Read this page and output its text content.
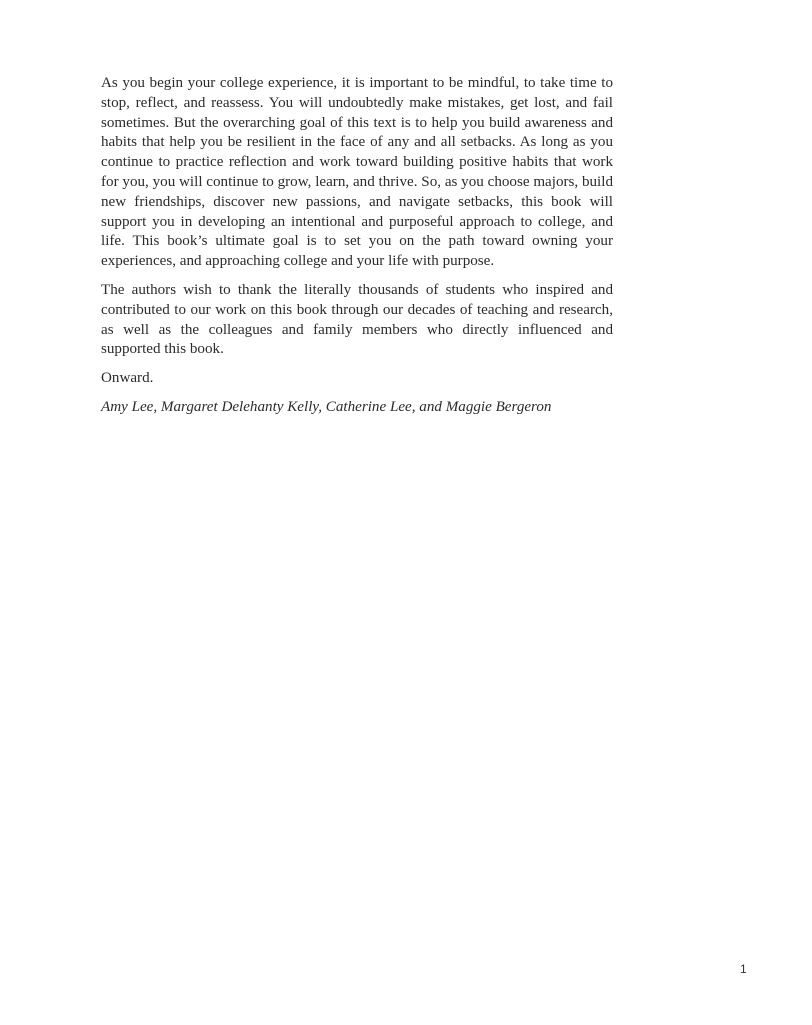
As you begin your college experience, it is important to be mindful, to take time to stop, reflect, and reassess. You will undoubtedly make mistakes, get lost, and fail sometimes. But the overarching goal of this text is to help you build awareness and habits that help you be resilient in the face of any and all setbacks. As long as you continue to practice reflection and work toward building positive habits that work for you, you will continue to grow, learn, and thrive. So, as you choose majors, build new friendships, discover new passions, and navigate setbacks, this book will support you in developing an intentional and purposeful approach to college, and life. This book’s ultimate goal is to set you on the path toward owning your experiences, and approaching college and your life with purpose.

The authors wish to thank the literally thousands of students who inspired and contributed to our work on this book through our decades of teaching and research, as well as the colleagues and family members who directly influenced and supported this book.

Onward.

Amy Lee, Margaret Delehanty Kelly, Catherine Lee, and Maggie Bergeron

1
